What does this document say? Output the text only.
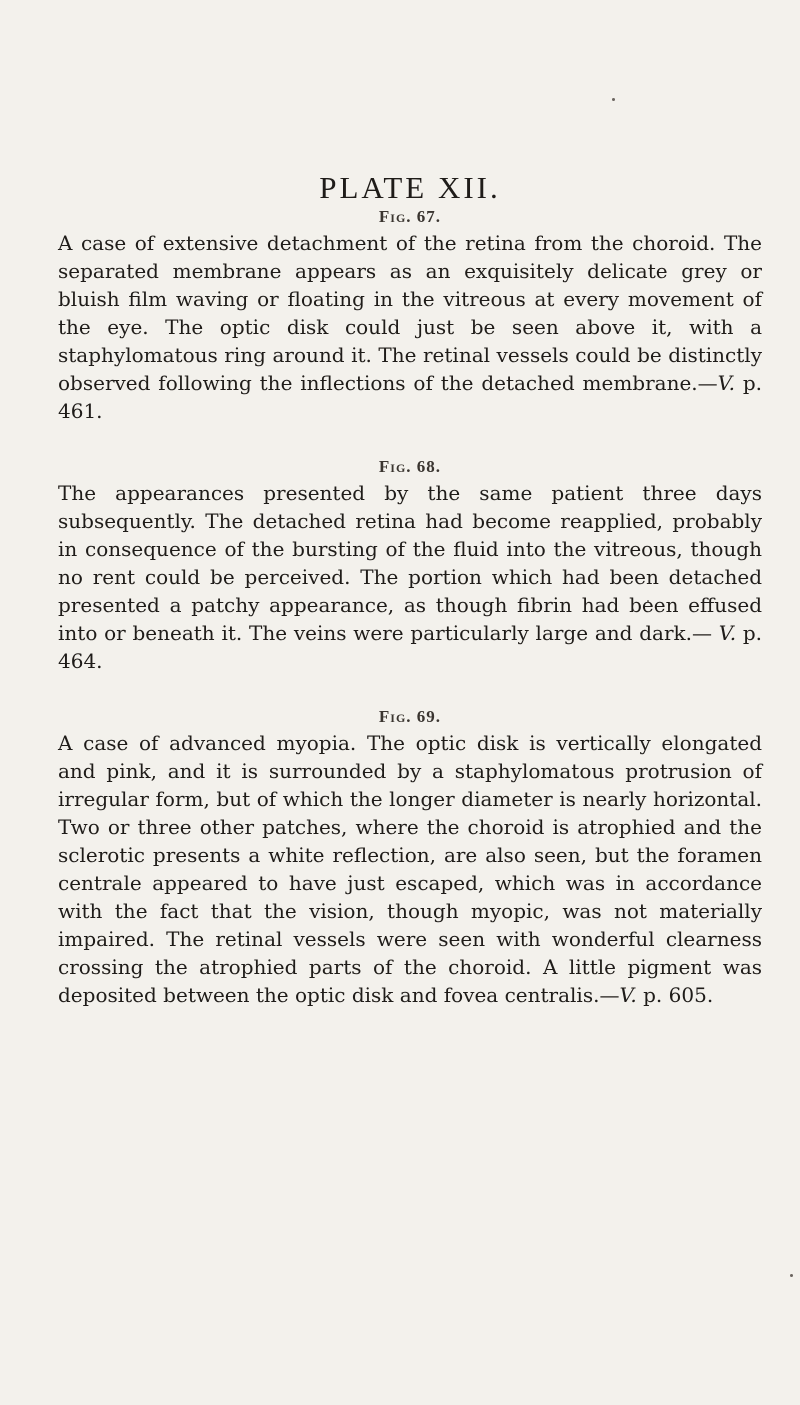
PLATE XII.
Fig. 67.

A case of extensive detachment of the retina from the choroid. The separated membrane appears as an exquisitely delicate grey or bluish film waving or floating in the vitreous at every movement of the eye. The optic disk could just be seen above it, with a staphylomatous ring around it. The retinal vessels could be distinctly observed following the inflections of the detached membrane.—V. p. 461.

Fig. 68.

The appearances presented by the same patient three days subsequently. The detached retina had become reapplied, probably in consequence of the bursting of the fluid into the vitreous, though no rent could be perceived. The portion which had been detached presented a patchy appearance, as though fibrin had been effused into or beneath it. The veins were particularly large and dark.— V. p. 464.

Fig. 69.

A case of advanced myopia. The optic disk is vertically elongated and pink, and it is surrounded by a staphylomatous protrusion of irregular form, but of which the longer diameter is nearly horizontal. Two or three other patches, where the choroid is atrophied and the sclerotic presents a white reflection, are also seen, but the foramen centrale appeared to have just escaped, which was in accordance with the fact that the vision, though myopic, was not materially impaired. The retinal vessels were seen with wonderful clearness crossing the atrophied parts of the choroid. A little pigment was deposited between the optic disk and fovea centralis.—V. p. 605.
